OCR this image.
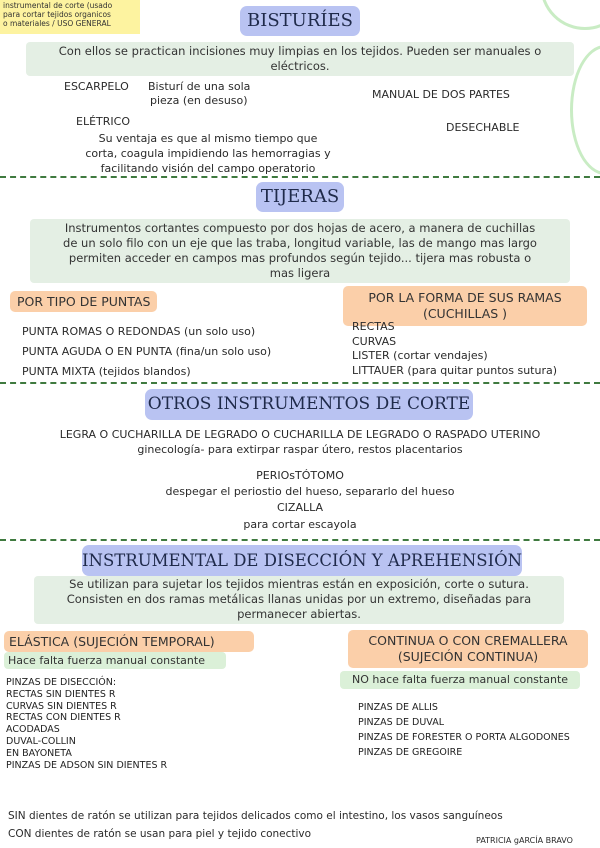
instrumental de corte (usado
para cortar tejidos organicos
o materiales / USO GENERAL	BISTURÍES
Con ellos se practican incisiones muy limpias en los tejidos. Pueden ser manuales o
eléctricos.
ESCARPELO Bisturí de una sola
pieza (en desuso)
ELÉTRICO
Su ventaja es que al mismo tiempo que
corta, coagula impidiendo las hemorragias y
facilitando visión del campo operatorio
MANUAL DE DOS PARTES
DESECHABLE
TIJERAS
Instrumentos cortantes compuesto por dos hojas de acero, a manera de cuchillas
de un solo filo con un eje que las traba, longitud variable, las de mango mas largo
permiten acceder en campos mas profundos según tejido... tijera mas robusta o
mas ligera
POR TIPO DE PUNTAS
PUNTA ROMAS O REDONDAS (un solo uso)
PUNTA AGUDA O EN PUNTA (fina/un solo uso)
PUNTA MIXTA (tejidos blandos)
POR LA FORMA DE SUS RAMAS
(CUCHILLAS )
RECTAS
CURVAS
LISTER (cortar vendajes)
LITTAUER (para quitar puntos sutura)
OTROS INSTRUMENTOS DE CORTE
LEGRA O CUCHARILLA DE LEGRADO O CUCHARILLA DE LEGRADO O RASPADO UTERINO
ginecología- para extirpar raspar útero, restos placentarios
PERIOsTÓTOMO
despegar el periostio del hueso, separarlo del hueso
CIZALLA
para cortar escayola
INSTRUMENTAL DE DISECCIÓN Y APREHENSIÓN
Se utilizan para sujetar los tejidos mientras están en exposición, corte o sutura.
Consisten en dos ramas metálicas llanas unidas por un extremo, diseñadas para
permanecer abiertas.
ELÁSTICA (SUJECIÓN TEMPORAL)
Hace falta fuerza manual constante
CONTINUA O CON CREMALLERA
(SUJECIÓN CONTINUA)
NO hace falta fuerza manual constante
PINZAS DE DISECCIÓN:
RECTAS SIN DIENTES R
CURVAS SIN DIENTES R
RECTAS CON DIENTES R
ACODADAS
DUVAL-COLLIN
EN BAYONETA
PINZAS DE ADSON SIN DIENTES R
PINZAS DE ALLIS
PINZAS DE DUVAL
PINZAS DE FORESTER O PORTA ALGODONES
PINZAS DE GREGOIRE
SIN dientes de ratón se utilizan para tejidos delicados como el intestino, los vasos sanguíneos
CON dientes de ratón se usan para piel y tejido conectivo
PATRICIA gARCÍA BRAVO
